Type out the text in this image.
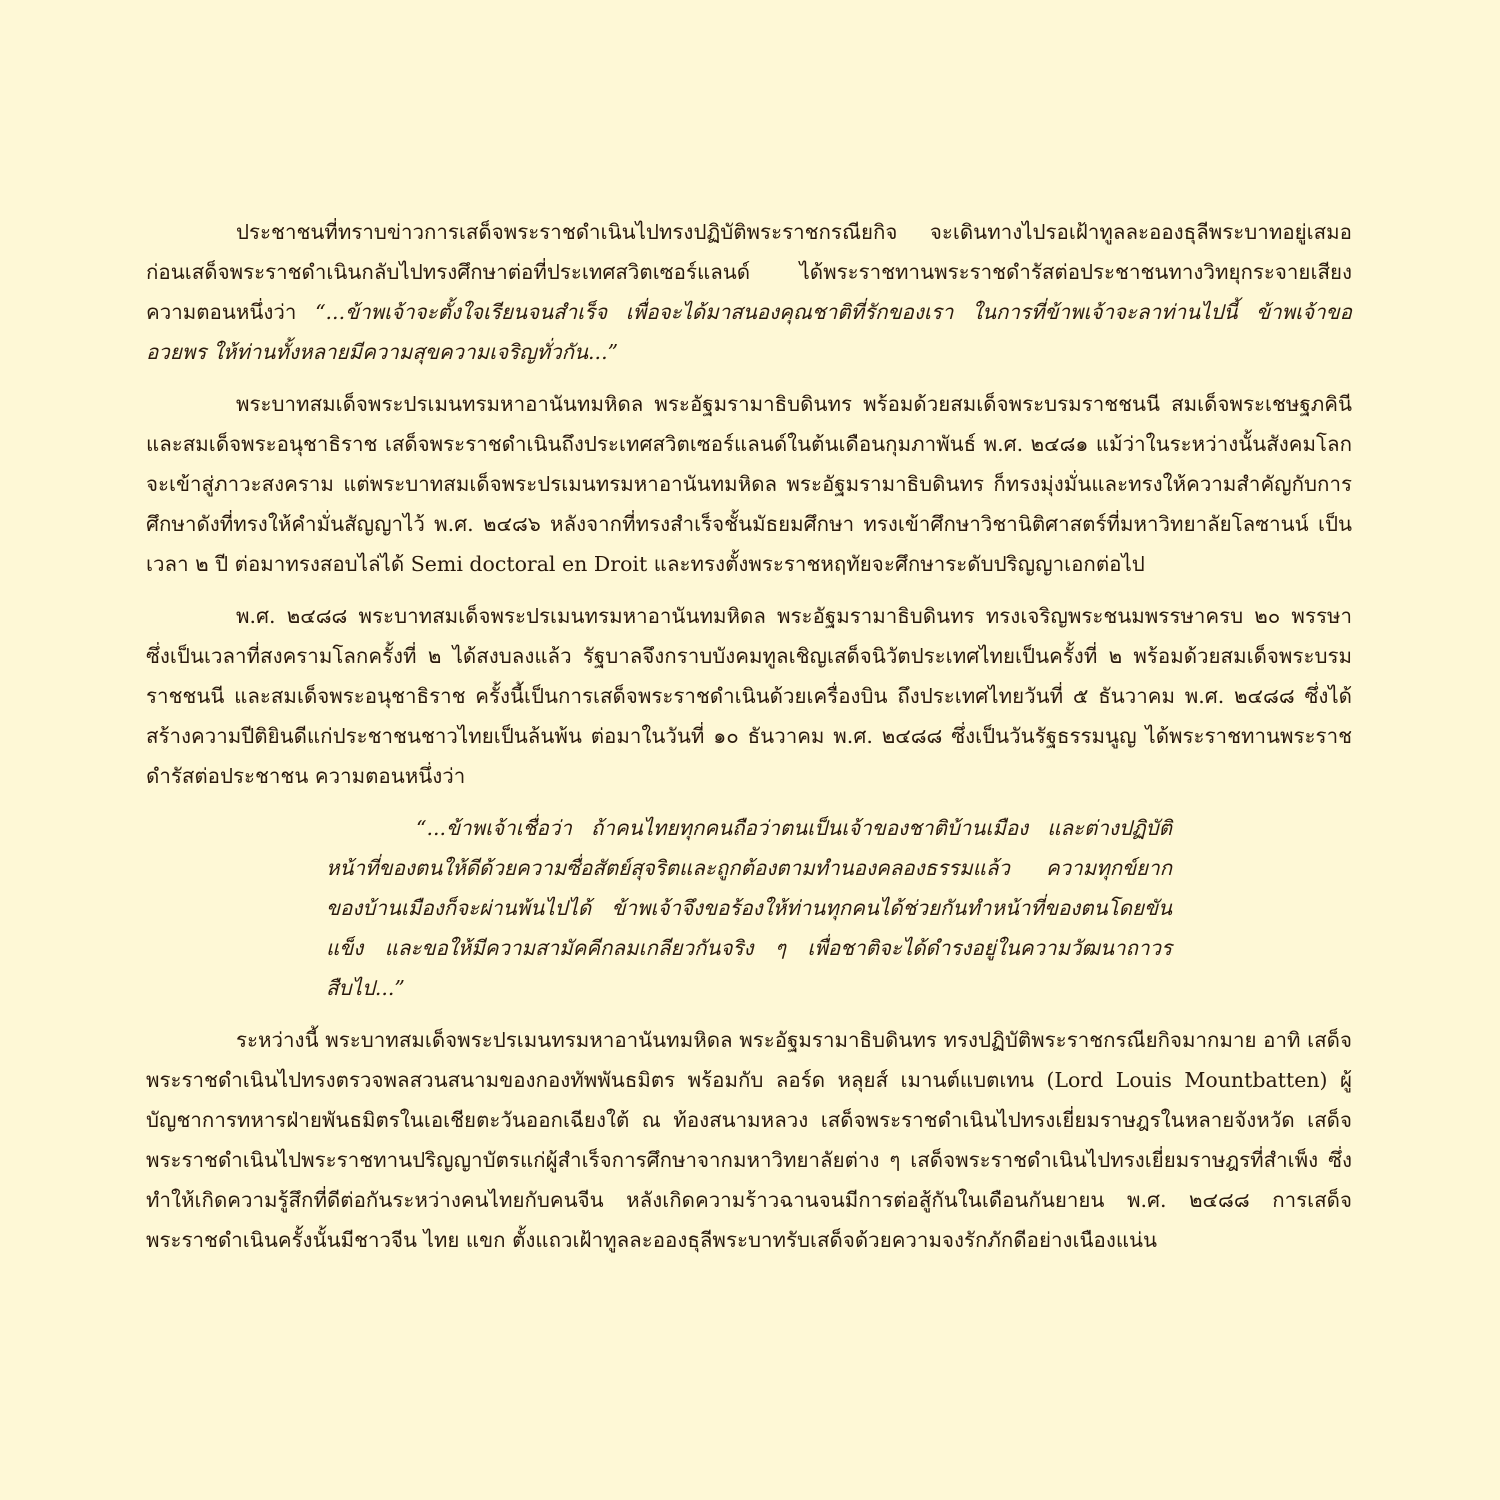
ประชาชนที่ทราบข่าวการเสด็จพระราชดำเนินไปทรงปฏิบัติพระราชกรณียกิจ จะเดินทางไปรอเฝ้าทูลละอองธุลีพระบาทอยู่เสมอ ก่อนเสด็จพระราชดำเนินกลับไปทรงศึกษาต่อที่ประเทศสวิตเซอร์แลนด์ ได้พระราชทานพระราชดำรัสต่อประชาชนทางวิทยุกระจายเสียง ความตอนหนึ่งว่า “...ข้าพเจ้าจะตั้งใจเรียนจนสำเร็จ เพื่อจะได้มาสนองคุณชาติที่รักของเรา ในการที่ข้าพเจ้าจะลาท่านไปนี้ ข้าพเจ้าขออวยพร ให้ท่านทั้งหลายมีความสุขความเจริญทั่วกัน...”

พระบาทสมเด็จพระปรเมนทรมหาอานันทมหิดล พระอัฐมรามาธิบดินทร พร้อมด้วยสมเด็จพระบรมราชชนนี สมเด็จพระเชษฐภคินี และสมเด็จพระอนุชาธิราช เสด็จพระราชดำเนินถึงประเทศสวิตเซอร์แลนด์ในต้นเดือนกุมภาพันธ์ พ.ศ. ๒๔๘๑ แม้ว่าในระหว่างนั้นสังคมโลกจะเข้าสู่ภาวะสงคราม แต่พระบาทสมเด็จพระปรเมนทรมหาอานันทมหิดล พระอัฐมรามาธิบดินทร ก็ทรงมุ่งมั่นและทรงให้ความสำคัญกับการศึกษาดังที่ทรงให้คำมั่นสัญญาไว้ พ.ศ. ๒๔๘๖ หลังจากที่ทรงสำเร็จชั้นมัธยมศึกษา ทรงเข้าศึกษาวิชานิติศาสตร์ที่มหาวิทยาลัยโลซานน์ เป็นเวลา ๒ ปี ต่อมาทรงสอบไล่ได้ Semi doctoral en Droit และทรงตั้งพระราชหฤทัยจะศึกษาระดับปริญญาเอกต่อไป

พ.ศ. ๒๔๘๘ พระบาทสมเด็จพระปรเมนทรมหาอานันทมหิดล พระอัฐมรามาธิบดินทร ทรงเจริญพระชนมพรรษาครบ ๒๐ พรรษา ซึ่งเป็นเวลาที่สงครามโลกครั้งที่ ๒ ได้สงบลงแล้ว รัฐบาลจึงกราบบังคมทูลเชิญเสด็จนิวัตประเทศไทยเป็นครั้งที่ ๒ พร้อมด้วยสมเด็จพระบรมราชชนนี และสมเด็จพระอนุชาธิราช ครั้งนี้เป็นการเสด็จพระราชดำเนินด้วยเครื่องบิน ถึงประเทศไทยวันที่ ๕ ธันวาคม พ.ศ. ๒๔๘๘ ซึ่งได้สร้างความปีติยินดีแก่ประชาชนชาวไทยเป็นล้นพ้น ต่อมาในวันที่ ๑๐ ธันวาคม พ.ศ. ๒๔๘๘ ซึ่งเป็นวันรัฐธรรมนูญ ได้พระราชทานพระราชดำรัสต่อประชาชน ความตอนหนึ่งว่า

“...ข้าพเจ้าเชื่อว่า ถ้าคนไทยทุกคนถือว่าตนเป็นเจ้าของชาติบ้านเมือง และต่างปฏิบัติหน้าที่ของตนให้ดีด้วยความซื่อสัตย์สุจริตและถูกต้องตามทำนองคลองธรรมแล้ว ความทุกข์ยากของบ้านเมืองก็จะผ่านพ้นไปได้ ข้าพเจ้าจึงขอร้องให้ท่านทุกคนได้ช่วยกันทำหน้าที่ของตนโดยขันแข็ง และขอให้มีความสามัคคีกลมเกลียวกันจริง ๆ เพื่อชาติจะได้ดำรงอยู่ในความวัฒนาถาวรสืบไป...”

ระหว่างนี้ พระบาทสมเด็จพระปรเมนทรมหาอานันทมหิดล พระอัฐมรามาธิบดินทร ทรงปฏิบัติพระราชกรณียกิจมากมาย อาทิ เสด็จพระราชดำเนินไปทรงตรวจพลสวนสนามของกองทัพพันธมิตร พร้อมกับ ลอร์ด หลุยส์ เมานต์แบตเทน (Lord Louis Mountbatten) ผู้บัญชาการทหารฝ่ายพันธมิตรในเอเชียตะวันออกเฉียงใต้ ณ ท้องสนามหลวง เสด็จพระราชดำเนินไปทรงเยี่ยมราษฎรในหลายจังหวัด เสด็จพระราชดำเนินไปพระราชทานปริญญาบัตรแก่ผู้สำเร็จการศึกษาจากมหาวิทยาลัยต่าง ๆ เสด็จพระราชดำเนินไปทรงเยี่ยมราษฎรที่สำเพ็ง ซึ่งทำให้เกิดความรู้สึกที่ดีต่อกันระหว่างคนไทยกับคนจีน หลังเกิดความร้าวฉานจนมีการต่อสู้กันในเดือนกันยายน พ.ศ. ๒๔๘๘ การเสด็จพระราชดำเนินครั้งนั้นมีชาวจีน ไทย แขก ตั้งแถวเฝ้าทูลละอองธุลีพระบาทรับเสด็จด้วยความจงรักภักดีอย่างเนืองแน่น
